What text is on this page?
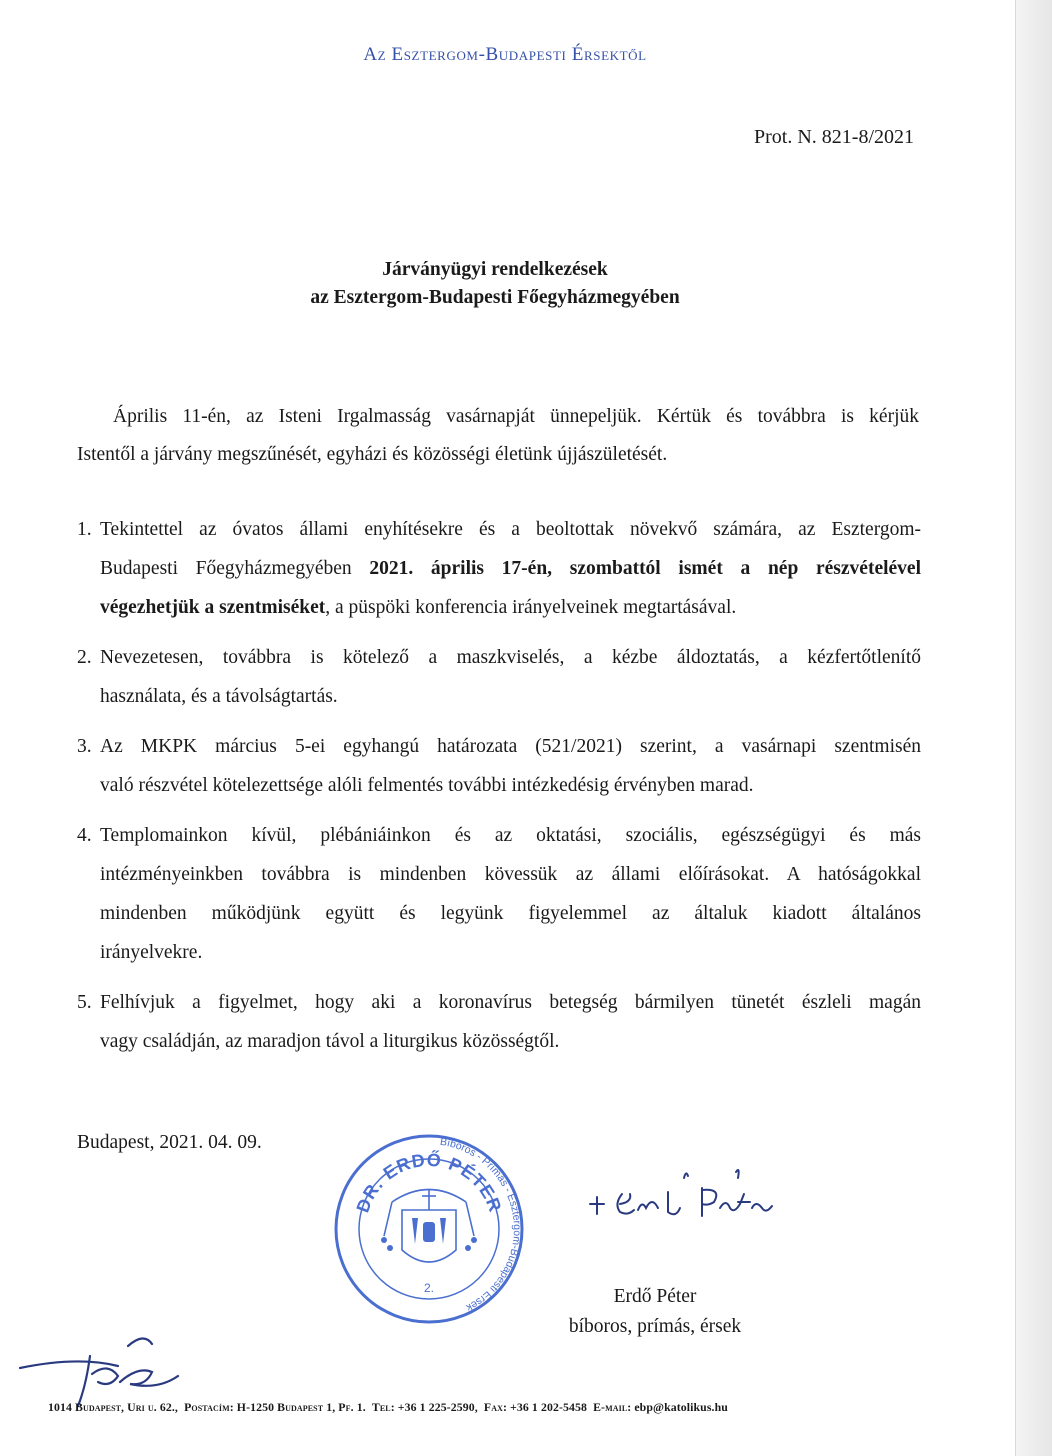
Az Esztergom-Budapesti Érsektől
Prot. N. 821-8/2021
Járványügyi rendelkezések
az Esztergom-Budapesti Főegyházmegyében
Április 11-én, az Isteni Irgalmasság vasárnapját ünnepeljük. Kértük és továbbra is kérjük
Istentől a járvány megszűnését, egyházi és közösségi életünk újjászületését.
1. Tekintettel az óvatos állami enyhítésekre és a beoltottak növekvő számára, az Esztergom-
Budapesti Főegyházmegyében 2021. április 17-én, szombattól ismét a nép részvételével
végezhetjük a szentmiséket, a püspöki konferencia irányelveinek megtartásával.
2. Nevezetesen, továbbra is kötelező a maszkviselés, a kézbe áldoztatás, a kézfertőtlenítő
használata, és a távolságtartás.
3. Az MKPK március 5-ei egyhangú határozata (521/2021) szerint, a vasárnapi szentmisén
való részvétel kötelezettsége alóli felmentés további intézkedésig érvényben marad.
4. Templomainkon kívül, plébániáinkon és az oktatási, szociális, egészségügyi és más
intézményeinkben továbbra is mindenben kövessük az állami előírásokat. A hatóságokkal
mindenben működjünk együtt és legyünk figyelemmel az általuk kiadott általános
irányelvekre.
5. Felhívjuk a figyelmet, hogy aki a koronavírus betegség bármilyen tünetét észleli magán
vagy családján, az maradjon távol a liturgikus közösségtől.
Budapest, 2021. 04. 09.
DR. ERDŐ PÉTER
Bíboros - Prímás - Esztergom-Budapesti Érsek
2.	Erdő Péter
bíboros, prímás, érsek
1014 Budapest, Uri u. 62., Postacím: H-1250 Budapest 1, Pf. 1. Tel: +36 1 225-2590, Fax: +36 1 202-5458 E-mail: ebp@katolikus.hu
